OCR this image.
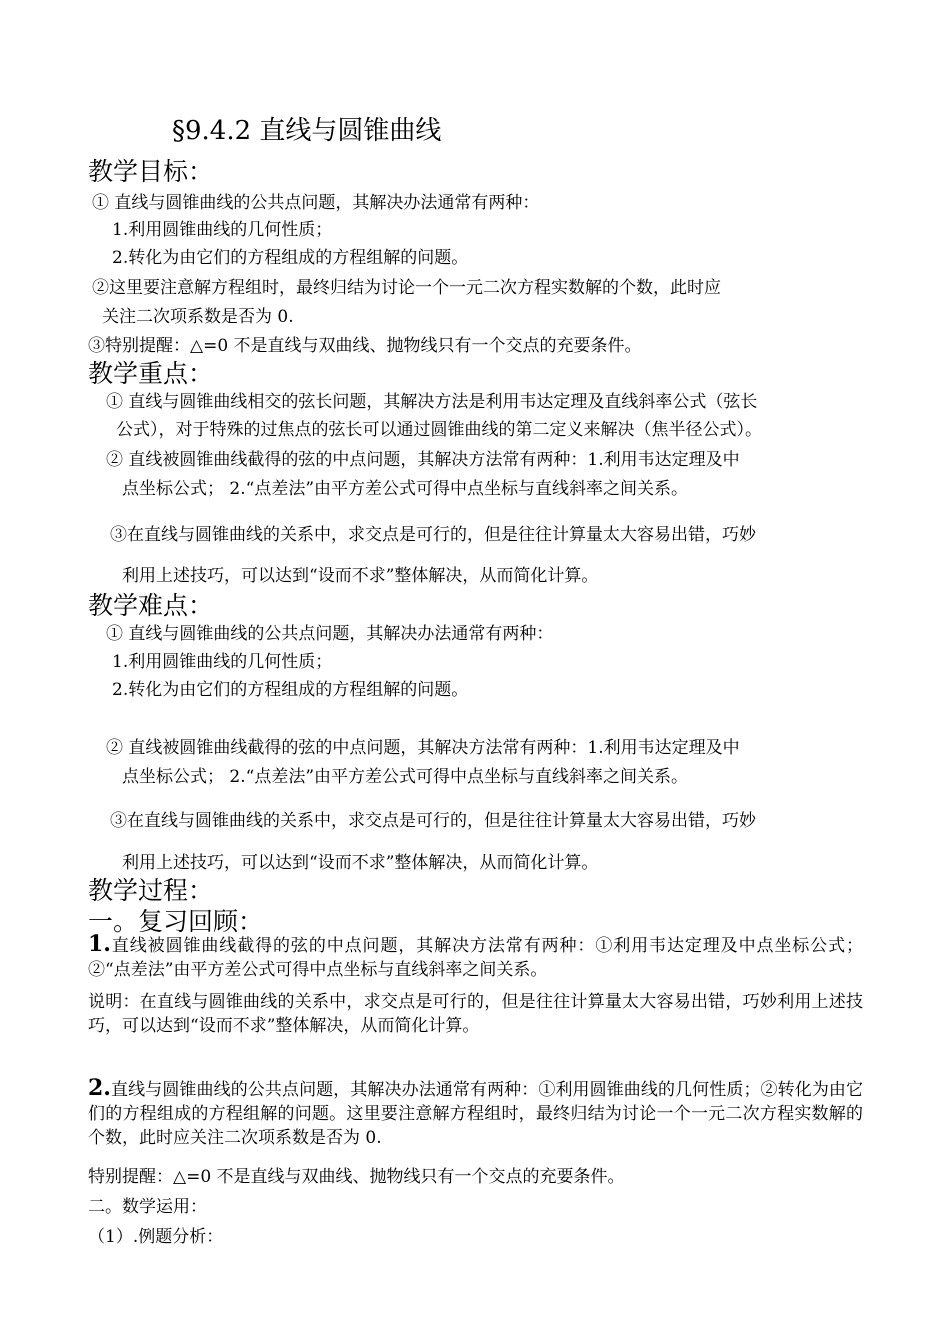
§9.4.2 直线与圆锥曲线
教学目标：
① 直线与圆锥曲线的公共点问题，其解决办法通常有两种：
1.利用圆锥曲线的几何性质；
2.转化为由它们的方程组成的方程组解的问题。
②这里要注意解方程组时，最终归结为讨论一个一元二次方程实数解的个数，此时应
关注二次项系数是否为 0.
③特别提醒：△=0 不是直线与双曲线、抛物线只有一个交点的充要条件。
教学重点：
① 直线与圆锥曲线相交的弦长问题，其解决方法是利用韦达定理及直线斜率公式（弦长
公式），对于特殊的过焦点的弦长可以通过圆锥曲线的第二定义来解决（焦半径公式）。
② 直线被圆锥曲线截得的弦的中点问题，其解决方法常有两种：1.利用韦达定理及中
点坐标公式； 2.“点差法”由平方差公式可得中点坐标与直线斜率之间关系。
③在直线与圆锥曲线的关系中，求交点是可行的，但是往往计算量太大容易出错，巧妙
利用上述技巧，可以达到“设而不求”整体解决，从而简化计算。
教学难点：
① 直线与圆锥曲线的公共点问题，其解决办法通常有两种：
1.利用圆锥曲线的几何性质；
2.转化为由它们的方程组成的方程组解的问题。
② 直线被圆锥曲线截得的弦的中点问题，其解决方法常有两种：1.利用韦达定理及中
点坐标公式； 2.“点差法”由平方差公式可得中点坐标与直线斜率之间关系。
③在直线与圆锥曲线的关系中，求交点是可行的，但是往往计算量太大容易出错，巧妙
利用上述技巧，可以达到“设而不求”整体解决，从而简化计算。
教学过程：
一。复习回顾：
1.直线被圆锥曲线截得的弦的中点问题，其解决方法常有两种：①利用韦达定理及中点坐标公式；②“点差法”由平方差公式可得中点坐标与直线斜率之间关系。
说明：在直线与圆锥曲线的关系中，求交点是可行的，但是往往计算量太大容易出错，巧妙利用上述技巧，可以达到“设而不求”整体解决，从而简化计算。
2.直线与圆锥曲线的公共点问题，其解决办法通常有两种：①利用圆锥曲线的几何性质；②转化为由它们的方程组成的方程组解的问题。这里要注意解方程组时，最终归结为讨论一个一元二次方程实数解的个数，此时应关注二次项系数是否为 0.
特别提醒：△=0 不是直线与双曲线、抛物线只有一个交点的充要条件。
二。数学运用：
（1）.例题分析：
